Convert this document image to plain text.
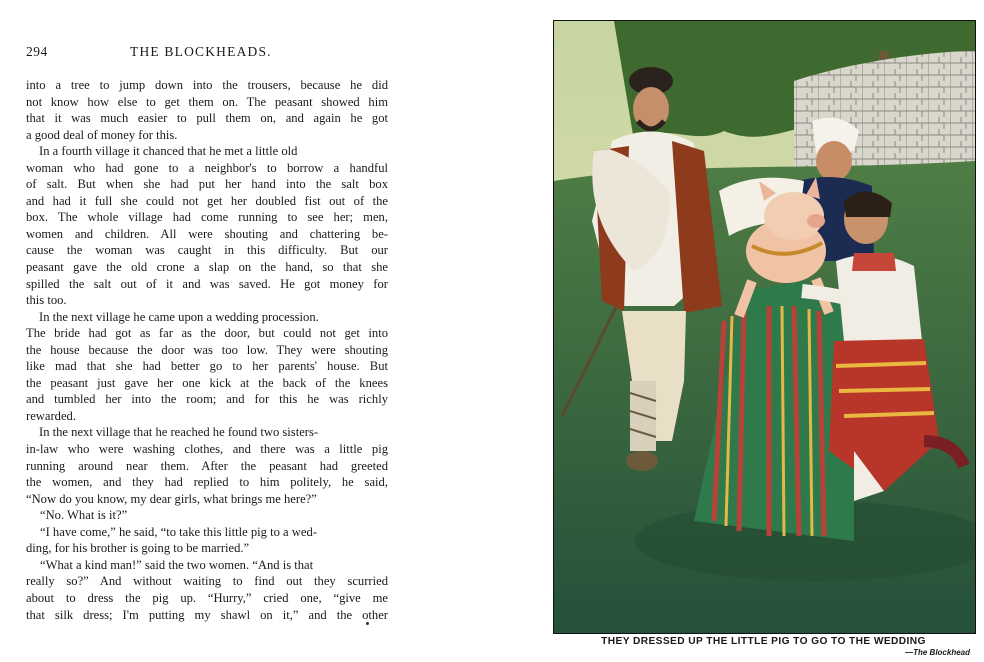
294	THE BLOCKHEADS.
into a tree to jump down into the trousers, because he did
not know how else to get them on. The peasant showed him
that it was much easier to pull them on, and again he got
a good deal of money for this.
In a fourth village it chanced that he met a little old
woman who had gone to a neighbor's to borrow a handful
of salt. But when she had put her hand into the salt box
and had it full she could not get her doubled fist out of the
box. The whole village had come running to see her; men,
women and children. All were shouting and chattering be-
cause the woman was caught in this difficulty. But our
peasant gave the old crone a slap on the hand, so that she
spilled the salt out of it and was saved. He got money for
this too.
In the next village he came upon a wedding procession.
The bride had got as far as the door, but could not get into
the house because the door was too low. They were shouting
like mad that she had better go to her parents' house. But
the peasant just gave her one kick at the back of the knees
and tumbled her into the room; and for this he was richly
rewarded.
In the next village that he reached he found two sisters-
in-law who were washing clothes, and there was a little pig
running around near them. After the peasant had greeted
the women, and they had replied to him politely, he said,
“Now do you know, my dear girls, what brings me here?”
“No. What is it?”
“I have come,” he said, “to take this little pig to a wed-
ding, for his brother is going to be married.”
“What a kind man!” said the two women. “And is that
really so?” And without waiting to find out they scurried
about to dress the pig up. “Hurry,” cried one, “give me
that silk dress; I'm putting my shawl on it,” and the other
THEY DRESSED UP THE LITTLE PIG TO GO TO THE WEDDING
—The Blockhead
